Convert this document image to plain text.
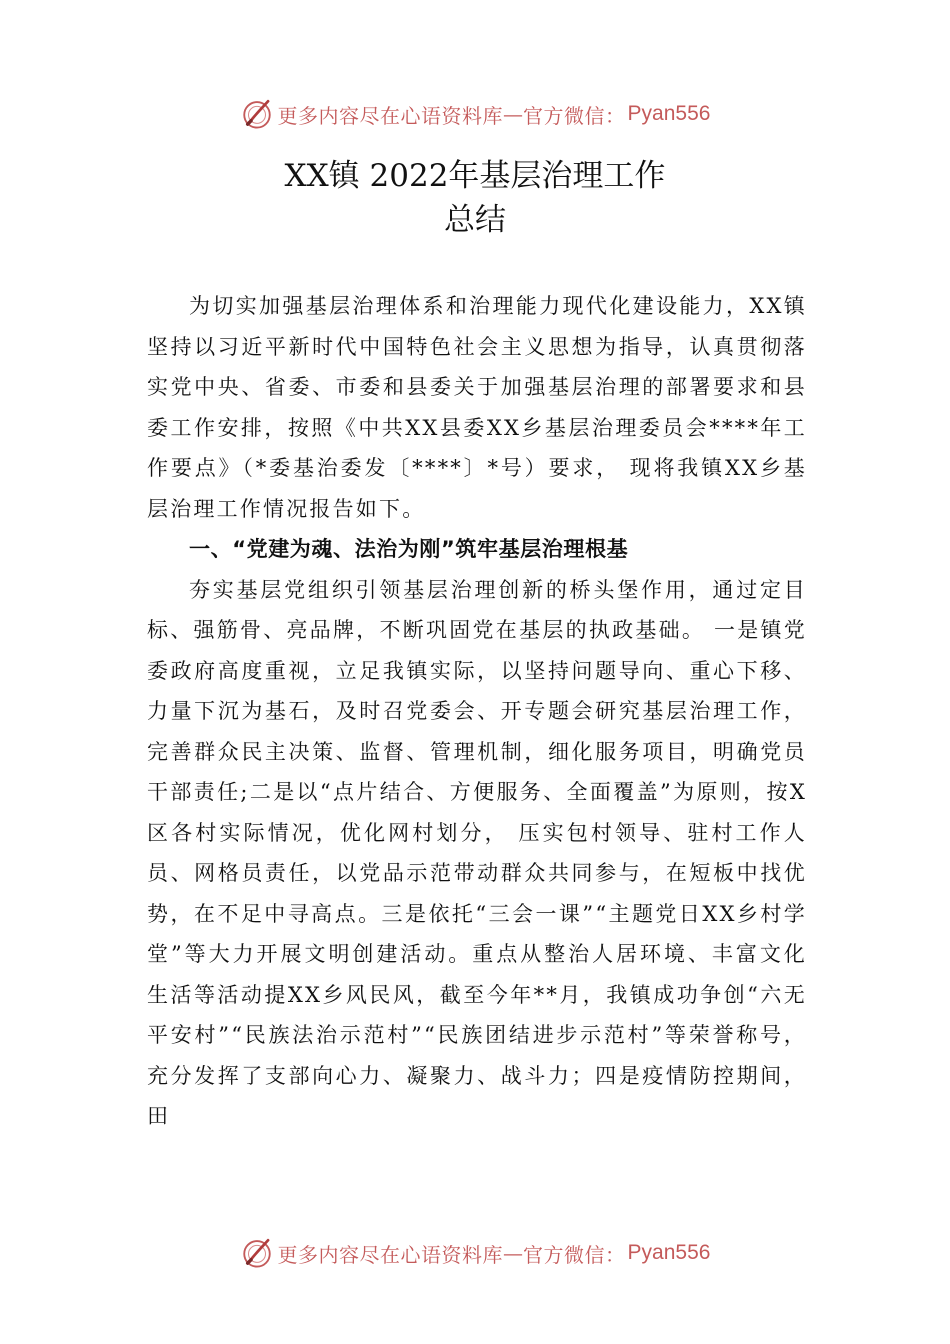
更多内容尽在心语资料库 — 官方微信： Pyan556
XX镇 2022年基层治理工作
总结

为切实加强基层治理体系和治理能力现代化建设能力，XX镇坚持以习近平新时代中国特色社会主义思想为指导，认真贯彻落实党中央、省委、市委和县委关于加强基层治理的部署要求和县委工作安排，按照《中共XX县委XX乡基层治理委员会****年工作要点》（*委基治委发〔****〕*号）要求， 现将我镇XX乡基层治理工作情况报告如下。

一、“党建为魂、法治为刚”筑牢基层治理根基

夯实基层党组织引领基层治理创新的桥头堡作用，通过定目标、强筋骨、亮品牌，不断巩固党在基层的执政基础。 一是镇党委政府高度重视，立足我镇实际，以坚持问题导向、重心下移、力量下沉为基石，及时召党委会、开专题会研究基层治理工作，完善群众民主决策、监督、管理机制，细化服务项目，明确党员干部责任;二是以“点片结合、方便服务、全面覆盖”为原则，按X区各村实际情况，优化网村划分， 压实包村领导、驻村工作人员、网格员责任，以党品示范带动群众共同参与，在短板中找优势，在不足中寻高点。三是依托“三会一课”“主题党日XX乡村学堂”等大力开展文明创建活动。重点从整治人居环境、丰富文化生活等活动提XX乡风民风，截至今年**月，我镇成功争创“六无平安村”“民族法治示范村”“民族团结进步示范村”等荣誉称号，充分发挥了支部向心力、凝聚力、战斗力；四是疫情防控期间，田

更多内容尽在心语资料库 — 官方微信： Pyan556
